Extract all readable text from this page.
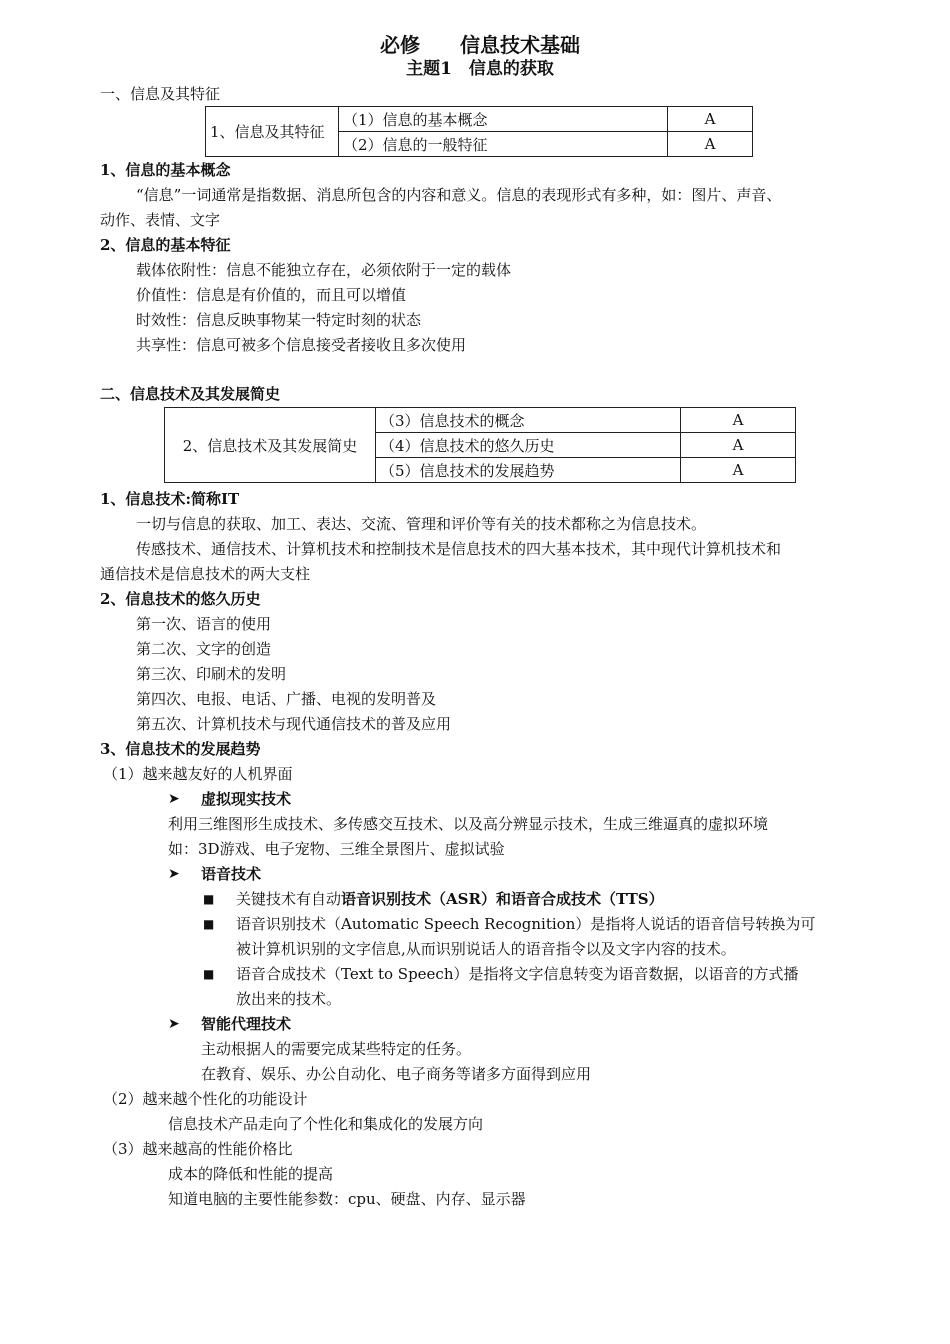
必修　　信息技术基础
主题1　信息的获取
一、信息及其特征
1、信息及其特征	（1）信息的基本概念	A
	（2）信息的一般特征	A
1、信息的基本概念
“信息”一词通常是指数据、消息所包含的内容和意义。信息的表现形式有多种，如：图片、声音、
动作、表情、文字
2、信息的基本特征
载体依附性：信息不能独立存在，必须依附于一定的载体
价值性：信息是有价值的，而且可以增值
时效性：信息反映事物某一特定时刻的状态
共享性：信息可被多个信息接受者接收且多次使用
二、信息技术及其发展简史
2、信息技术及其发展简史	（3）信息技术的概念	A
	（4）信息技术的悠久历史	A
	（5）信息技术的发展趋势	A
1、信息技术:简称IT
一切与信息的获取、加工、表达、交流、管理和评价等有关的技术都称之为信息技术。
传感技术、通信技术、计算机技术和控制技术是信息技术的四大基本技术，其中现代计算机技术和
通信技术是信息技术的两大支柱
2、信息技术的悠久历史
第一次、语言的使用
第二次、文字的创造
第三次、印刷术的发明
第四次、电报、电话、广播、电视的发明普及
第五次、计算机技术与现代通信技术的普及应用
3、信息技术的发展趋势
（1）越来越友好的人机界面
➤ 虚拟现实技术
利用三维图形生成技术、多传感交互技术、以及高分辨显示技术，生成三维逼真的虚拟环境
如：3D游戏、电子宠物、三维全景图片、虚拟试验
➤ 语音技术
■ 关键技术有自动语音识别技术（ASR）和语音合成技术（TTS）
■ 语音识别技术（Automatic Speech Recognition）是指将人说话的语音信号转换为可
被计算机识别的文字信息,从而识别说话人的语音指令以及文字内容的技术。
■ 语音合成技术（Text to Speech）是指将文字信息转变为语音数据，以语音的方式播
放出来的技术。
➤ 智能代理技术
主动根据人的需要完成某些特定的任务。
在教育、娱乐、办公自动化、电子商务等诸多方面得到应用
（2）越来越个性化的功能设计
信息技术产品走向了个性化和集成化的发展方向
（3）越来越高的性能价格比
成本的降低和性能的提高
知道电脑的主要性能参数：cpu、硬盘、内存、显示器
